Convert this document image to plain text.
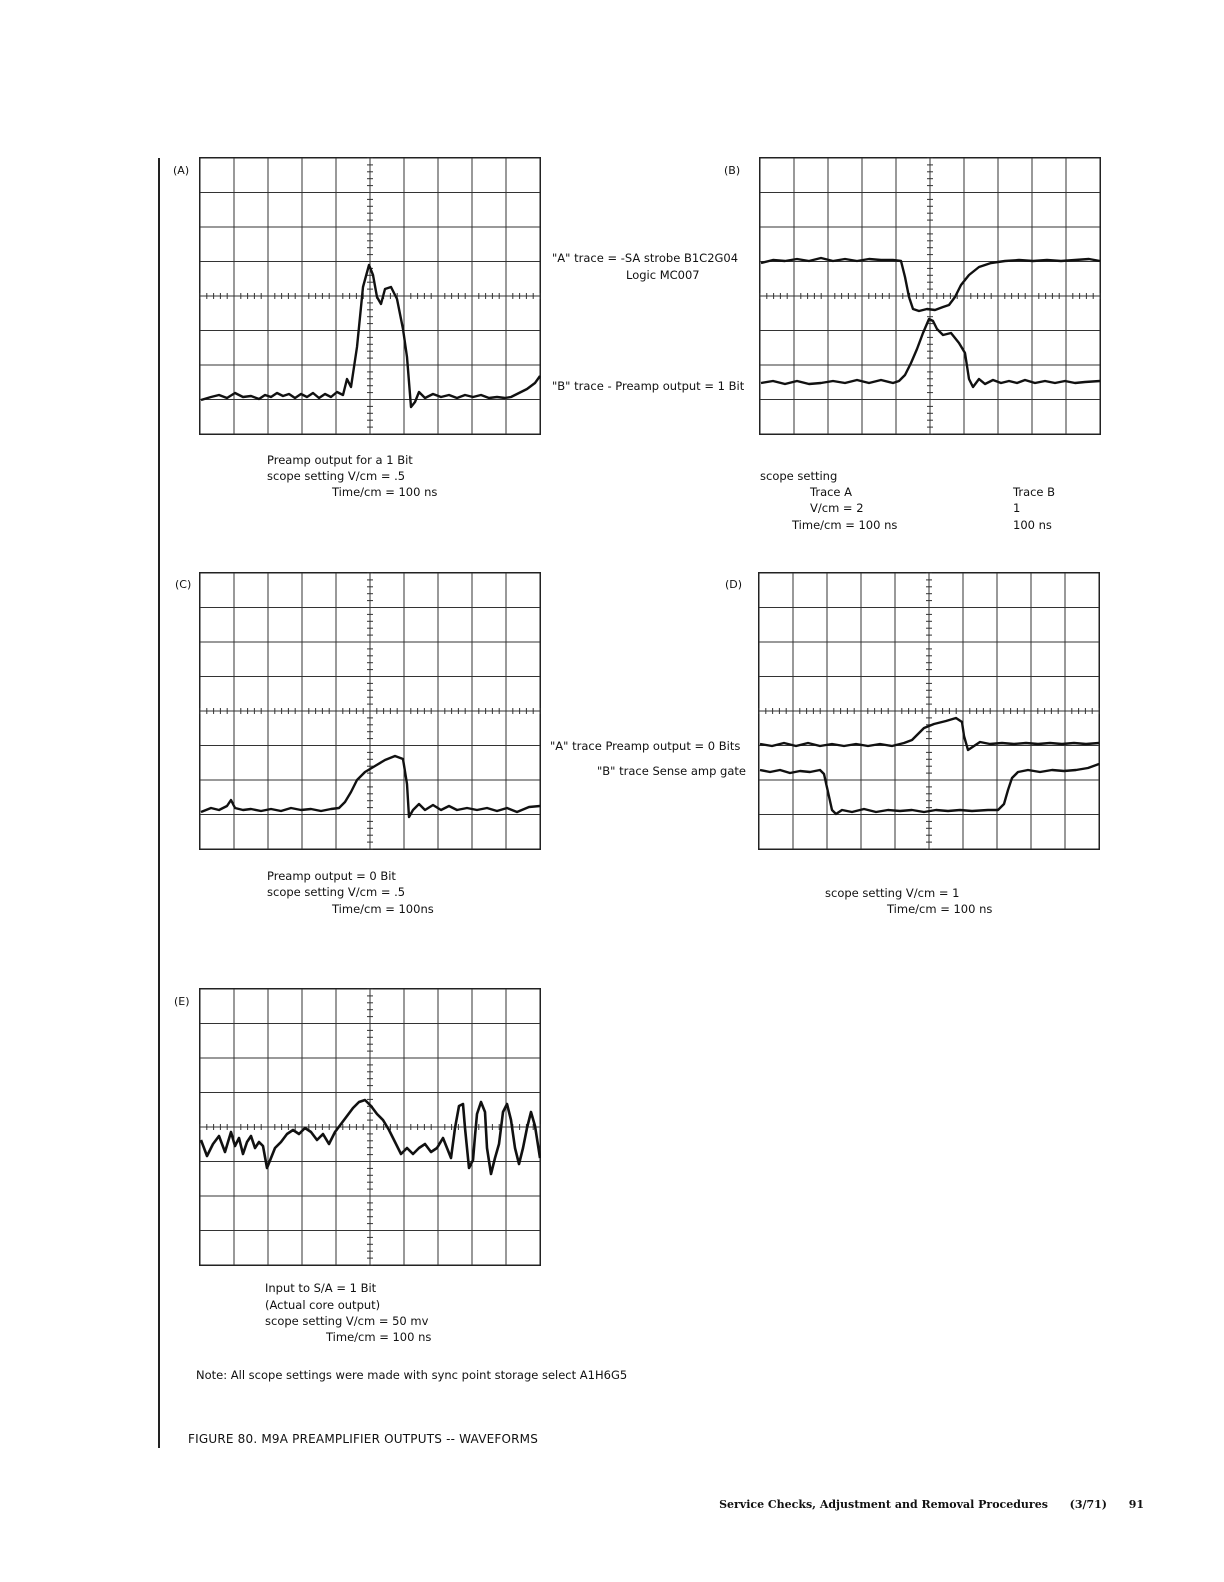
(A)
Preamp output for a 1 Bit
scope setting V/cm = .5
Time/cm = 100 ns
(B)
"A" trace = -SA strobe B1C2G04
Logic MC007
"B" trace - Preamp output = 1 Bit
scope setting
Trace A	Trace B
V/cm = 2	1
Time/cm = 100 ns	100 ns
(C)
Preamp output = 0 Bit
scope setting V/cm = .5
Time/cm = 100ns
(D)
"A" trace Preamp output = 0 Bits
"B" trace Sense amp gate
scope setting V/cm = 1
Time/cm = 100 ns
(E)
Input to S/A = 1 Bit
(Actual core output)
scope setting V/cm = 50 mv
Time/cm = 100 ns
Note: All scope settings were made with sync point storage select A1H6G5
FIGURE 80. M9A PREAMPLIFIER OUTPUTS -- WAVEFORMS
Service Checks, Adjustment and Removal Procedures (3/71) 91
